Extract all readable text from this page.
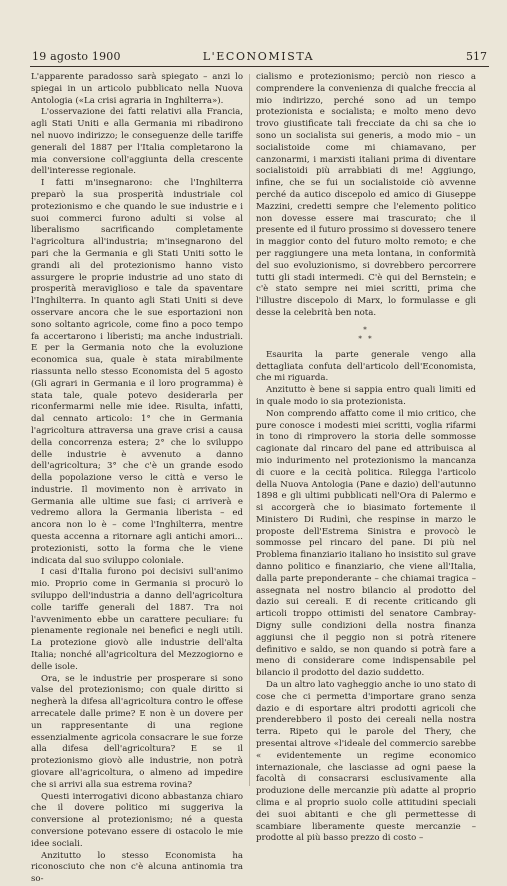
19 agosto 1900	L'ECONOMISTA	517

L'apparente paradosso sarà spiegato – anzi lo spiegai in un articolo pubblicato nella Nuova Antologia («La crisi agraria in Inghilterra»).

L'osservazione dei fatti relativi alla Francia, agli Stati Uniti e alla Germania mi ribadirono nel nuovo indirizzo; le conseguenze delle tariffe generali del 1887 per l'Italia completarono la mia conversione coll'aggiunta della crescente dell'interesse regionale.

I fatti m'insegnarono: che l'Inghilterra preparò la sua prosperità industriale col protezionismo e che quando le sue industrie e i suoi commerci furono adulti si volse al liberalismo sacrificando completamente l'agricoltura all'industria; m'insegnarono del pari che la Germania e gli Stati Uniti sotto le grandi ali del protezionismo hanno visto assurgere le proprie industrie ad uno stato di prosperità meraviglioso e tale da spaventare l'Inghilterra. In quanto agli Stati Uniti si deve osservare ancora che le sue esportazioni non sono soltanto agricole, come fino a poco tempo fa accertarono i liberisti; ma anche industriali. E per la Germania noto che la evoluzione economica sua, quale è stata mirabilmente riassunta nello stesso Economista del 5 agosto (Gli agrari in Germania e il loro programma) è stata tale, quale potevo desiderarla per riconfermarmi nelle mie idee. Risulta, infatti, dal cennato articolo: 1° che in Germania l'agricoltura attraversa una grave crisi a causa della concorrenza estera; 2° che lo sviluppo delle industrie è avvenuto a danno dell'agricoltura; 3° che c'è un grande esodo della popolazione verso le città e verso le industrie. Il movimento non è arrivato in Germania alle ultime sue fasi; ci arriverà e vedremo allora la Germania liberista – ed ancora non lo è – come l'Inghilterra, mentre questa accenna a ritornare agli antichi amori... protezionisti, sotto la forma che le viene indicata dal suo sviluppo coloniale.

I casi d'Italia furono poi decisivi sull'animo mio. Proprio come in Germania si procurò lo sviluppo dell'industria a danno dell'agricoltura colle tariffe generali del 1887. Tra noi l'avvenimento ebbe un carattere peculiare: fu pienamente regionale nei benefici e negli utili. La protezione giovò alle industrie dell'alta Italia; nonché all'agricoltura del Mezzogiorno e delle isole.

Ora, se le industrie per prosperare si sono valse del protezionismo; con quale diritto si negherà la difesa all'agricoltura contro le offese arrecatele dalle prime? E non è un dovere per un rappresentante di una regione essenzialmente agricola consacrare le sue forze alla difesa dell'agricoltura? E se il protezionismo giovò alle industrie, non potrà giovare all'agricoltura, o almeno ad impedire che si arrivi alla sua estrema rovina?

Questi interrogativi dicono abbastanza chiaro che il dovere politico mi suggeriva la conversione al protezionismo; né a questa conversione potevano essere di ostacolo le mie idee sociali.

Anzitutto lo stesso Economista ha riconosciuto che non c'è alcuna antinomia tra so-

cialismo e protezionismo; perciò non riesco a comprendere la convenienza di qualche freccia al mio indirizzo, perché sono ad un tempo protezionista e socialista; e molto meno devo trovo giustificate tali frecciate da chi sa che io sono un socialista sui generis, a modo mio – un socialistoide come mi chiamavano, per canzonarmi, i marxisti italiani prima di diventare socialistoidi più arrabbiati di me! Aggiungo, infine, che se fui un socialistoide ciò avvenne perché da autico discepolo ed amico di Giuseppe Mazzini, credetti sempre che l'elemento politico non dovesse essere mai trascurato; che il presente ed il futuro prossimo si dovessero tenere in maggior conto del futuro molto remoto; e che per raggiungere una meta lontana, in conformità del suo evoluzionismo, si dovrebbero percorrere tutti gli stadi intermedi. C'è qui del Bernstein; e c'è stato sempre nei miei scritti, prima che l'illustre discepolo di Marx, lo formulasse e gli desse la celebrità ben nota.

*
* *

Esaurita la parte generale vengo alla dettagliata confuta dell'articolo dell'Economista, che mi riguarda.

Anzitutto è bene si sappia entro quali limiti ed in quale modo io sia protezionista.

Non comprendo affatto come il mio critico, che pure conosce i modesti miei scritti, voglia rifarmi in tono di rimprovero la storia delle sommosse cagionate dal rincaro del pane ed attribuisca al mio indurimento nel protezionismo la mancanza di cuore e la cecità politica. Rilegga l'articolo della Nuova Antologia (Pane e dazio) dell'autunno 1898 e gli ultimi pubblicati nell'Ora di Palermo e si accorgerà che io biasimato fortemente il Ministero Di Rudinì, che respinse in marzo le proposte dell'Estrema Sinistra e provocò le sommosse pel rincaro del pane. Di più nel Problema finanziario italiano ho insistito sul grave danno politico e finanziario, che viene all'Italia, dalla parte preponderante – che chiamai tragica – assegnata nel nostro bilancio al prodotto del dazio sui cereali. E di recente criticando gli articoli troppo ottimisti del senatore Cambray-Digny sulle condizioni della nostra finanza aggiunsi che il peggio non si potrà ritenere definitivo e saldo, se non quando si potrà fare a meno di considerare come indispensabile pel bilancio il prodotto del dazio suddetto.

Da un altro lato vagheggio anche io uno stato di cose che ci permetta d'importare grano senza dazio e di esportare altri prodotti agricoli che prenderebbero il posto dei cereali nella nostra terra. Ripeto qui le parole del Thery, che presentai altrove «l'ideale del commercio sarebbe « evidentemente un regime economico internazionale, che lasciasse ad ogni paese la facoltà di consacrarsi esclusivamente alla produzione delle mercanzie più adatte al proprio clima e al proprio suolo colle attitudini speciali dei suoi abitanti e che gli permettesse di scambiare liberamente queste mercanzie – prodotte al più basso prezzo di costo –
